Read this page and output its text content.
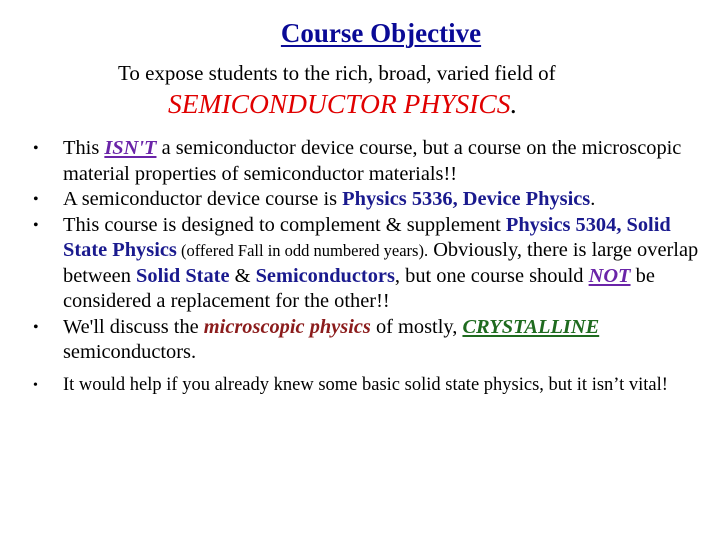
Course Objective
To expose students to the rich, broad, varied field of
SEMICONDUCTOR PHYSICS.
• This ISN'T a semiconductor device course, but a course on the microscopic material properties of semiconductor materials!!
• A semiconductor device course is Physics 5336, Device Physics.
• This course is designed to complement & supplement Physics 5304, Solid State Physics (offered Fall in odd numbered years). Obviously, there is large overlap between Solid State & Semiconductors, but one course should NOT be considered a replacement for the other!!
• We'll discuss the microscopic physics of mostly, CRYSTALLINE semiconductors.
• It would help if you already knew some basic solid state physics, but it isn’t vital!
